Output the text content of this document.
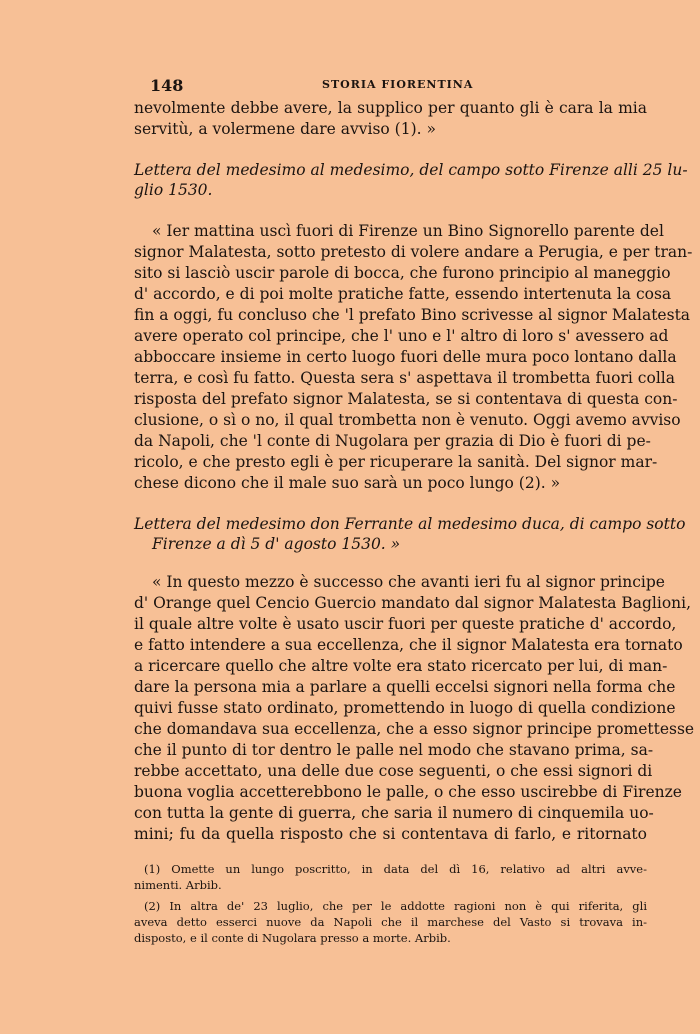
148	STORIA FIORENTINA
nevolmente debbe avere, la supplico per quanto gli è cara la mia
servitù, a volermene dare avviso (1). »
Lettera del medesimo al medesimo, del campo sotto Firenze alli 25 lu-
glio 1530.
« Ier mattina uscì fuori di Firenze un Bino Signorello parente del
signor Malatesta, sotto pretesto di volere andare a Perugia, e per tran-
sito si lasciò uscir parole di bocca, che furono principio al maneggio
d' accordo, e di poi molte pratiche fatte, essendo intertenuta la cosa
fin a oggi, fu concluso che 'l prefato Bino scrivesse al signor Malatesta
avere operato col principe, che l' uno e l' altro di loro s' avessero ad
abboccare insieme in certo luogo fuori delle mura poco lontano dalla
terra, e così fu fatto. Questa sera s' aspettava il trombetta fuori colla
risposta del prefato signor Malatesta, se si contentava di questa con-
clusione, o sì o no, il qual trombetta non è venuto. Oggi avemo avviso
da Napoli, che 'l conte di Nugolara per grazia di Dio è fuori di pe-
ricolo, e che presto egli è per ricuperare la sanità. Del signor mar-
chese dicono che il male suo sarà un poco lungo (2). »
Lettera del medesimo don Ferrante al medesimo duca, di campo sotto
Firenze a dì 5 d' agosto 1530. »
« In questo mezzo è successo che avanti ieri fu al signor principe
d' Orange quel Cencio Guercio mandato dal signor Malatesta Baglioni,
il quale altre volte è usato uscir fuori per queste pratiche d' accordo,
e fatto intendere a sua eccellenza, che il signor Malatesta era tornato
a ricercare quello che altre volte era stato ricercato per lui, di man-
dare la persona mia a parlare a quelli eccelsi signori nella forma che
quivi fusse stato ordinato, promettendo in luogo di quella condizione
che domandava sua eccellenza, che a esso signor principe promettesse
che il punto di tor dentro le palle nel modo che stavano prima, sa-
rebbe accettato, una delle due cose seguenti, o che essi signori di
buona voglia accetterebbono le palle, o che esso uscirebbe di Firenze
con tutta la gente di guerra, che saria il numero di cinquemila uo-
mini; fu da quella risposto che si contentava di farlo, e ritornato
(1) Omette un lungo poscritto, in data del dì 16, relativo ad altri avve-
nimenti. Arbib.
(2) In altra de' 23 luglio, che per le addotte ragioni non è qui riferita, gli
aveva detto esserci nuove da Napoli che il marchese del Vasto si trovava in-
disposto, e il conte di Nugolara presso a morte. Arbib.
